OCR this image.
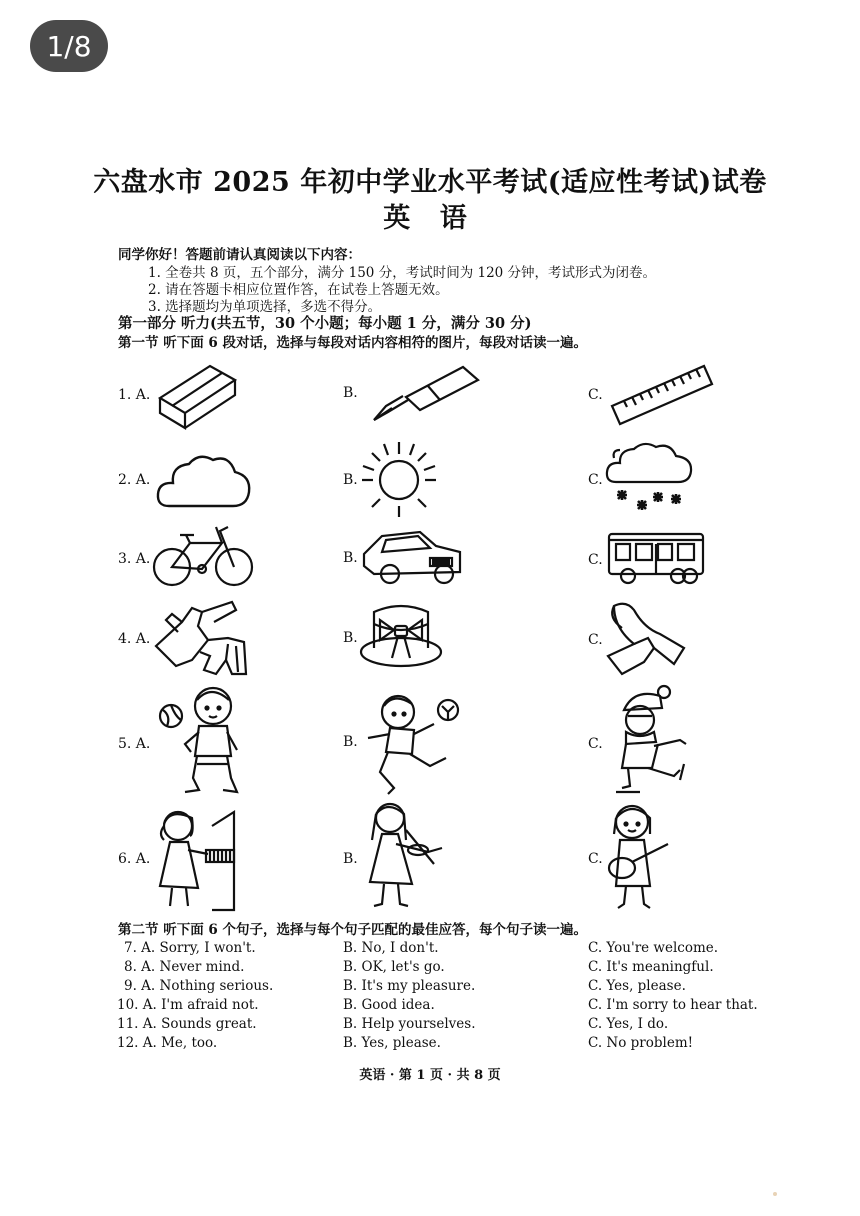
1/8
六盘水市 2025 年初中学业水平考试(适应性考试)试卷
英 语
同学你好！答题前请认真阅读以下内容：
1. 全卷共 8 页，五个部分，满分 150 分，考试时间为 120 分钟，考试形式为闭卷。
2. 请在答题卡相应位置作答，在试卷上答题无效。
3. 选择题均为单项选择，多选不得分。
第一部分 听力(共五节，30 个小题；每小题 1 分，满分 30 分)
第一节 听下面 6 段对话，选择与每段对话内容相符的图片，每段对话读一遍。
1. A.	B.	C.
2. A.	B.	C.
3. A.	B.	C.
4. A.	B.	C.
5. A.	B.	C.
6. A.	B.	C.
第二节 听下面 6 个句子，选择与每个句子匹配的最佳应答，每个句子读一遍。
7. A. Sorry, I won't.	B. No, I don't.	C. You're welcome.
8. A. Never mind.	B. OK, let's go.	C. It's meaningful.
9. A. Nothing serious.	B. It's my pleasure.	C. Yes, please.
10. A. I'm afraid not.	B. Good idea.	C. I'm sorry to hear that.
11. A. Sounds great.	B. Help yourselves.	C. Yes, I do.
12. A. Me, too.	B. Yes, please.	C. No problem!
英语 · 第 1 页 · 共 8 页
